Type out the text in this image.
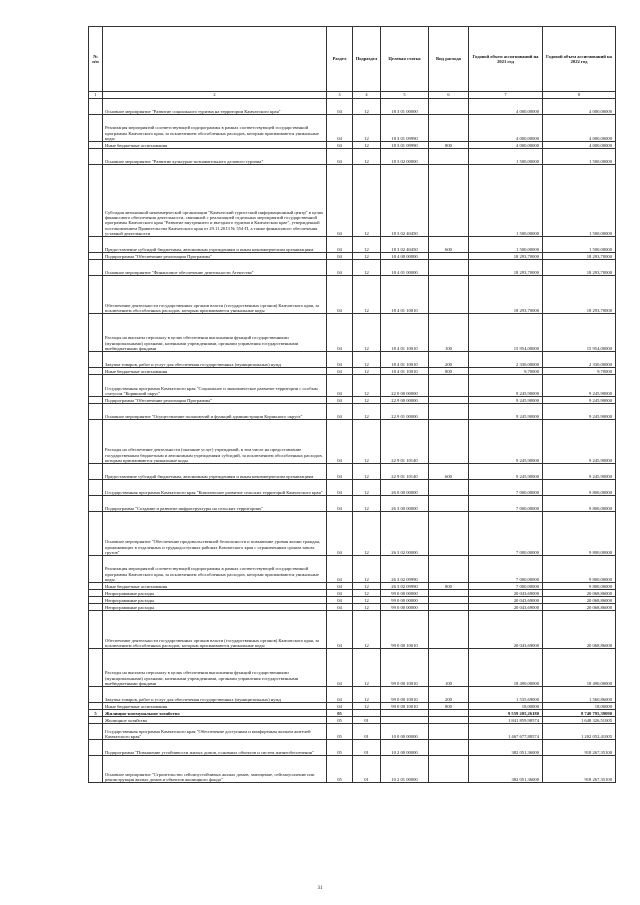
№ п/п		Раздел	Подраздел	Целевая статья	Вид расхода	Годовой объем ассигнований на 2021 год	Годовой объем ассигнований на 2022 год
1	2	3	4	5	6	7	8
	Основное мероприятие "Развитие социального туризма на территории Камчатского края"	04	12	18 3 01 00000		4 000,00000	4 000,00000
	Реализация мероприятий соответствующей подпрограммы в рамках соответствующей государственной программы Камчатского края, за исключением обособленных расходов, которым присваиваются уникальные коды	04	12	18 3 01 09990		4 000,00000	4 000,00000
	Иные бюджетные ассигнования	04	12	18 3 01 09990	800	4 000,00000	4 000,00000
	Основное мероприятие "Развитие культурно-познавательного делового туризма"	04	12	18 3 02 00000		1 500,00000	1 500,00000
	Субсидия автономной некоммерческой организации "Камчатский туристский информационный центр" в целях финансового обеспечения деятельности, связанной с реализацией отдельных мероприятий государственной программы Камчатского края "Развитие внутреннего и въездного туризма в Камчатском крае", утвержденной постановлением Правительства Камчатского края от 29.11.2013 № 554-П, а также финансового обеспечения уставной деятельности	04	12	18 3 02 40450		1 500,00000	1 500,00000
	Предоставление субсидий бюджетным, автономным учреждениям и иным некоммерческим организациям	04	12	18 3 02 40450	600	1 500,00000	1 500,00000
	Подпрограмма "Обеспечение реализации Программы"	04	12	18 4 00 00000		18 293,70000	18 293,70000
	Основное мероприятие "Финансовое обеспечение деятельности Агентства"	04	12	18 4 01 00000		18 293,70000	18 293,70000
	Обеспечение деятельности государственных органов власти (государственных органов) Камчатского края, за исключением обособленных расходов, которым присваиваются уникальные коды	04	12	18 4 01 10010		18 293,70000	18 293,70000
	Расходы на выплаты персоналу в целях обеспечения выполнения функций государственными (муниципальными) органами, казенными учреждениями, органами управления государственными внебюджетными фондами	04	12	18 4 01 10010	100	15 954,00000	15 954,00000
	Закупка товаров, работ и услуг для обеспечения государственных (муниципальных) нужд	04	12	18 4 01 10010	200	2 330,00000	2 330,00000
	Иные бюджетные ассигнования	04	12	18 4 01 10010	800	9,70000	9,70000
	Государственная программа Камчатского края "Социальное и экономическое развитие территории с особым статусом "Корякский округ"	04	12	22 0 00 00000		9 245,90000	9 245,90000
	Подпрограмма "Обеспечение реализации Программы"	04	12	22 9 00 00000		9 245,90000	9 245,90000
	Основное мероприятие "Осуществление полномочий и функций администрации Корякского округа"	04	12	22 9 01 00000		9 245,90000	9 245,90000
	Расходы на обеспечение деятельности (оказание услуг) учреждений, в том числе на предоставление государственным бюджетным и автономным учреждениям субсидий, за исключением обособленных расходов, которым присваиваются уникальные коды	04	12	22 9 01 10140		9 245,90000	9 245,90000
	Предоставление субсидий бюджетным, автономным учреждениям и иным некоммерческим организациям	04	12	22 9 01 10140	600	9 245,90000	9 245,90000
	Государственная программа Камчатского края "Комплексное развитие сельских территорий Камчатского края"	04	12	26 0 00 00000		7 000,00000	9 800,00000
	Подпрограмма "Создание и развитие инфраструктуры на сельских территориях"	04	12	26 3 00 00000		7 000,00000	9 800,00000
	Основное мероприятие "Обеспечение продовольственной безопасности и повышение уровня жизни граждан, проживающих в отдаленных и труднодоступных районах Камчатского края с ограниченным сроком завоза грузов"	04	12	26 3 02 00000		7 000,00000	9 800,00000
	Реализация мероприятий соответствующей подпрограммы в рамках соответствующей государственной программы Камчатского края, за исключением обособленных расходов, которым присваиваются уникальные коды	04	12	26 3 02 09990		7 000,00000	9 800,00000
	Иные бюджетные ассигнования	04	12	26 3 02 09990	800	7 000,00000	9 800,00000
	Непрограммные расходы	04	12	99 0 00 00000		20 043,69000	20 068,86000
	Непрограммные расходы	04	12	99 0 00 00000		20 043,69000	20 068,86000
	Непрограммные расходы	04	12	99 0 00 00000		20 043,69000	20 068,86000
	Обеспечение деятельности государственных органов власти (государственных органов) Камчатского края, за исключением обособленных расходов, которым присваиваются уникальные коды	04	12	99 0 00 10010		20 043,69000	20 068,86000
	Расходы на выплаты персоналу в целях обеспечения выполнения функций государственными (муниципальными) органами, казенными учреждениями, органами управления государственными внебюджетными фондами	04	12	99 0 00 10010	100	18 490,00000	18 490,00000
	Закупка товаров, работ и услуг для обеспечения государственных (муниципальных) нужд	04	12	99 0 00 10010	200	1 535,69000	1 560,86000
	Иные бюджетные ассигнования	04	12	99 0 00 10010	800	18,00000	18,00000
5	Жилищно-коммунальное хозяйство	05				9 559 205,26180	8 740 795,39090
	Жилищное хозяйство	05	01			1 841 859,98574	1 648 326,51005
	Государственная программа Камчатского края "Обеспечение доступным и комфортным жильем жителей Камчатского края"	05	01	10 0 00 00000		1 467 677,88574	1 202 052,41005
	Подпрограмма "Повышение устойчивости жилых домов, основных объектов и систем жизнеобеспечения"	05	01	10 2 00 00000		382 051,36000	918 267,35100
	Основное мероприятие "Строительство сейсмоустойчивых жилых домов, замещение, сейсмоусиление или реконструкция жилых домов и объектов жилищного фонда"	05	01	10 2 01 00000		382 051,36000	918 267,35100
31
